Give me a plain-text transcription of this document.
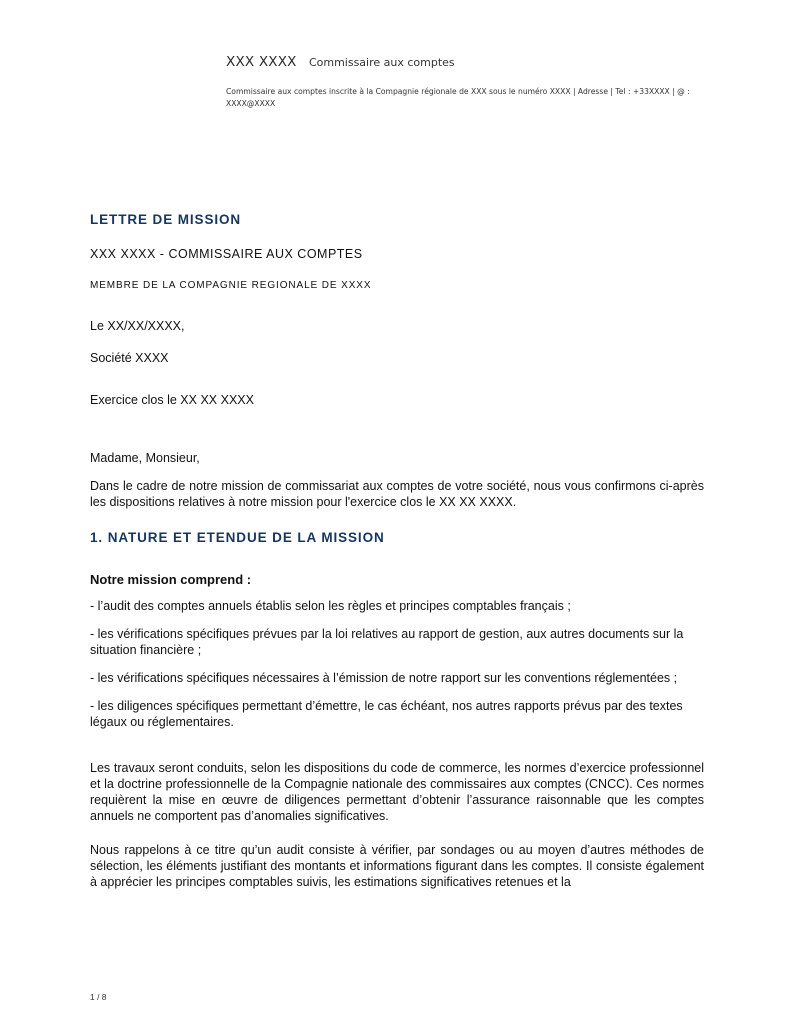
XXX XXXX Commissaire aux comptes
Commissaire aux comptes inscrite à la Compagnie régionale de XXX sous le numéro XXXX | Adresse | Tel : +33XXXX | @ : XXXX@XXXX
LETTRE DE MISSION
XXX XXXX - COMMISSAIRE AUX COMPTES
MEMBRE DE LA COMPAGNIE REGIONALE DE XXXX
Le XX/XX/XXXX,
Société XXXX
Exercice clos le XX XX XXXX
Madame, Monsieur,
Dans le cadre de notre mission de commissariat aux comptes de votre société, nous vous confirmons ci-après les dispositions relatives à notre mission pour l'exercice clos le XX XX XXXX.
1. NATURE ET ETENDUE DE LA MISSION
Notre mission comprend :
- l’audit des comptes annuels établis selon les règles et principes comptables français ;
- les vérifications spécifiques prévues par la loi relatives au rapport de gestion, aux autres documents sur la situation financière ;
- les vérifications spécifiques nécessaires à l’émission de notre rapport sur les conventions réglementées ;
- les diligences spécifiques permettant d’émettre, le cas échéant, nos autres rapports prévus par des textes légaux ou réglementaires.
Les travaux seront conduits, selon les dispositions du code de commerce, les normes d’exercice professionnel et la doctrine professionnelle de la Compagnie nationale des commissaires aux comptes (CNCC). Ces normes requièrent la mise en œuvre de diligences permettant d’obtenir l’assurance raisonnable que les comptes annuels ne comportent pas d’anomalies significatives.
Nous rappelons à ce titre qu’un audit consiste à vérifier, par sondages ou au moyen d’autres méthodes de sélection, les éléments justifiant des montants et informations figurant dans les comptes. Il consiste également à apprécier les principes comptables suivis, les estimations significatives retenues et la
1 / 8
